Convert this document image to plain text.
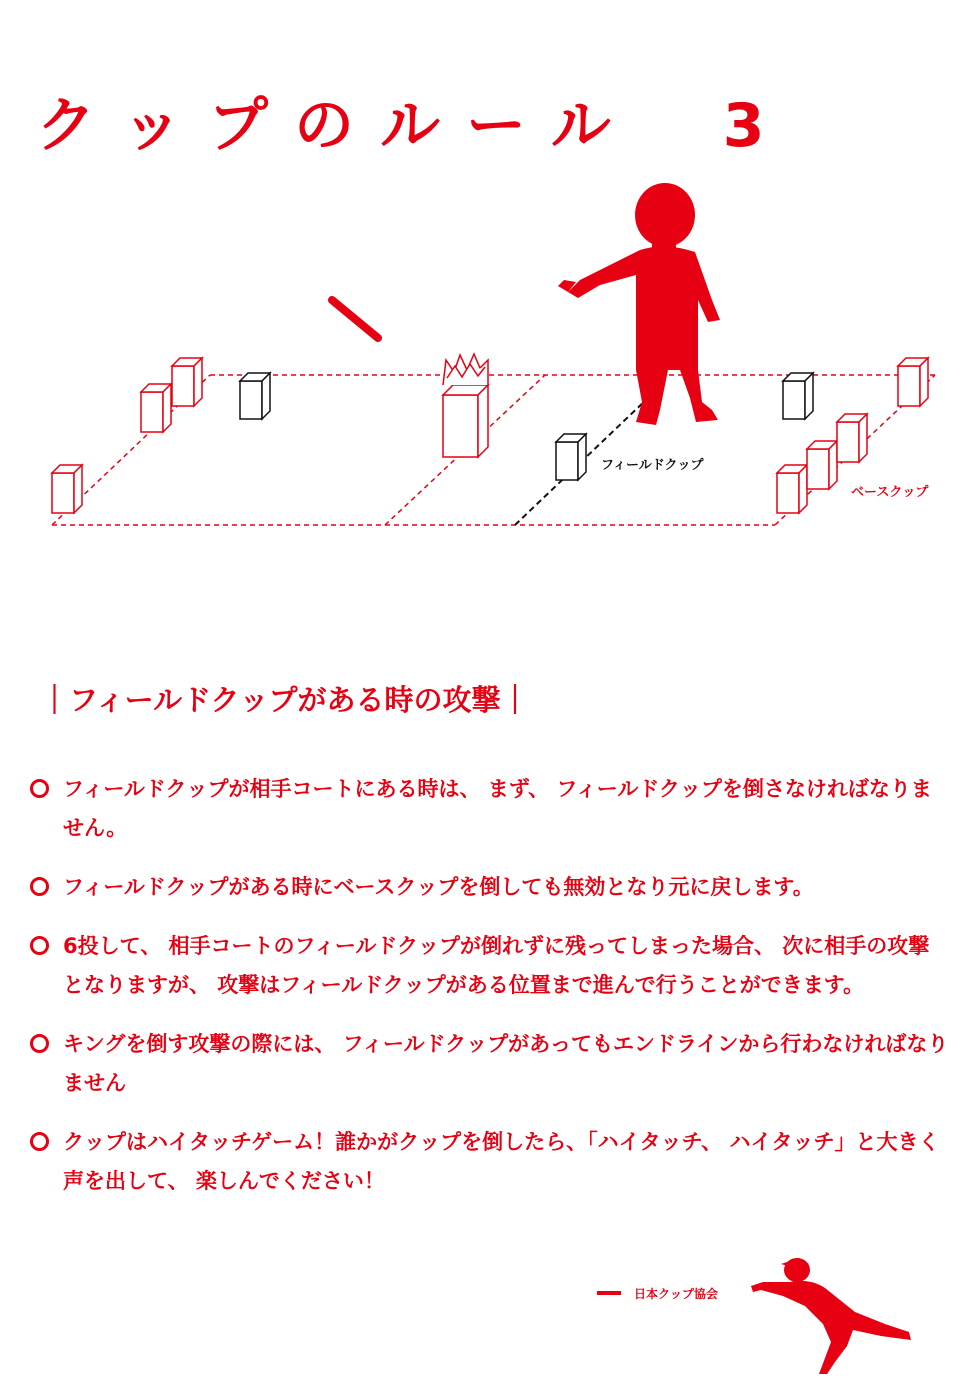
クップのルール　3
フィールドクップ
ベースクップ
｜フィールドクップがある時の攻撃｜
フィールドクップが相手コートにある時は、 まず、 フィールドクップを倒さなければなりません。
フィールドクップがある時にベースクップを倒しても無効となり元に戻します。
6投して、 相手コートのフィールドクップが倒れずに残ってしまった場合、 次に相手の攻撃となりますが、 攻撃はフィールドクップがある位置まで進んで行うことができます。
キングを倒す攻撃の際には、 フィールドクップがあってもエンドラインから行わなければなりません
クップはハイタッチゲーム！誰かがクップを倒したら、「ハイタッチ、 ハイタッチ」と大きく声を出して、 楽しんでください！
日本クップ協会
